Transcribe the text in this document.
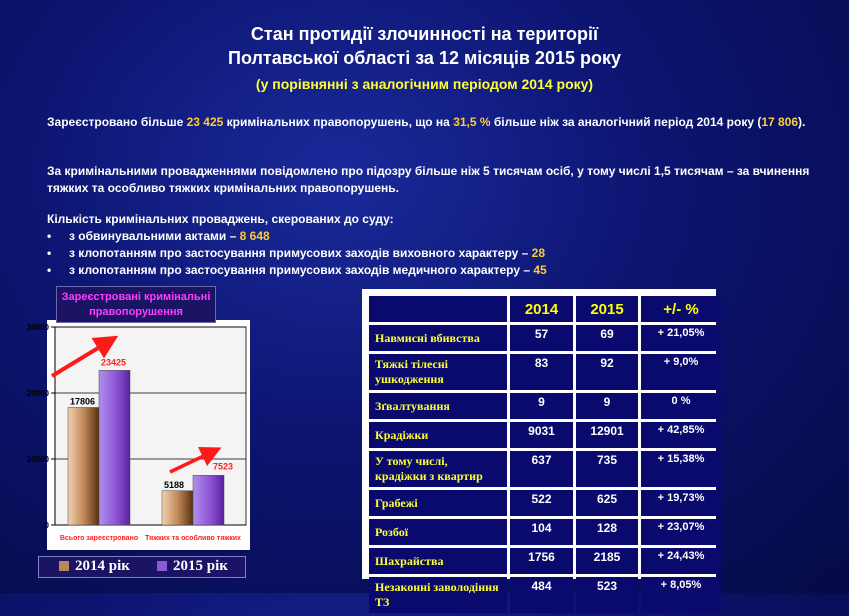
Стан протидії злочинності на території
Полтавської області за 12 місяців 2015 року
(у порівнянні з аналогічним періодом 2014 року)
Зареєстровано більше 23 425 кримінальних правопорушень, що на 31,5 % більше ніж за аналогічний період 2014 року (17 806).
За кримінальними провадженнями повідомлено про підозру більше ніж 5 тисячам осіб, у тому числі 1,5 тисячам – за вчинення тяжких та особливо тяжких кримінальних правопорушень.
Кількість кримінальних проваджень, скерованих до суду:
• з обвинувальними актами – 8 648
• з клопотанням про застосування примусових заходів виховного характеру – 28
• з клопотанням про застосування примусових заходів медичного характеру – 45
0
10000
20000
30000
Всього зареєстровано Тяжких та особливо тяжких
17806
23425
5188
7523
Зареєстровані кримінальні правопорушення
2014 рік	2015 рік
	2014	2015	+/- %
Навмисні вбивства	57	69	+ 21,05%
Тяжкі тілесні ушкодження	83	92	+ 9,0%
Зґвалтування	9	9	0 %
Крадіжки	9031	12901	+ 42,85%
У тому числі, крадіжки з квартир	637	735	+ 15,38%
Грабежі	522	625	+ 19,73%
Розбої	104	128	+ 23,07%
Шахрайства	1756	2185	+ 24,43%
Незаконні заволодіння ТЗ	484	523	+ 8,05%
